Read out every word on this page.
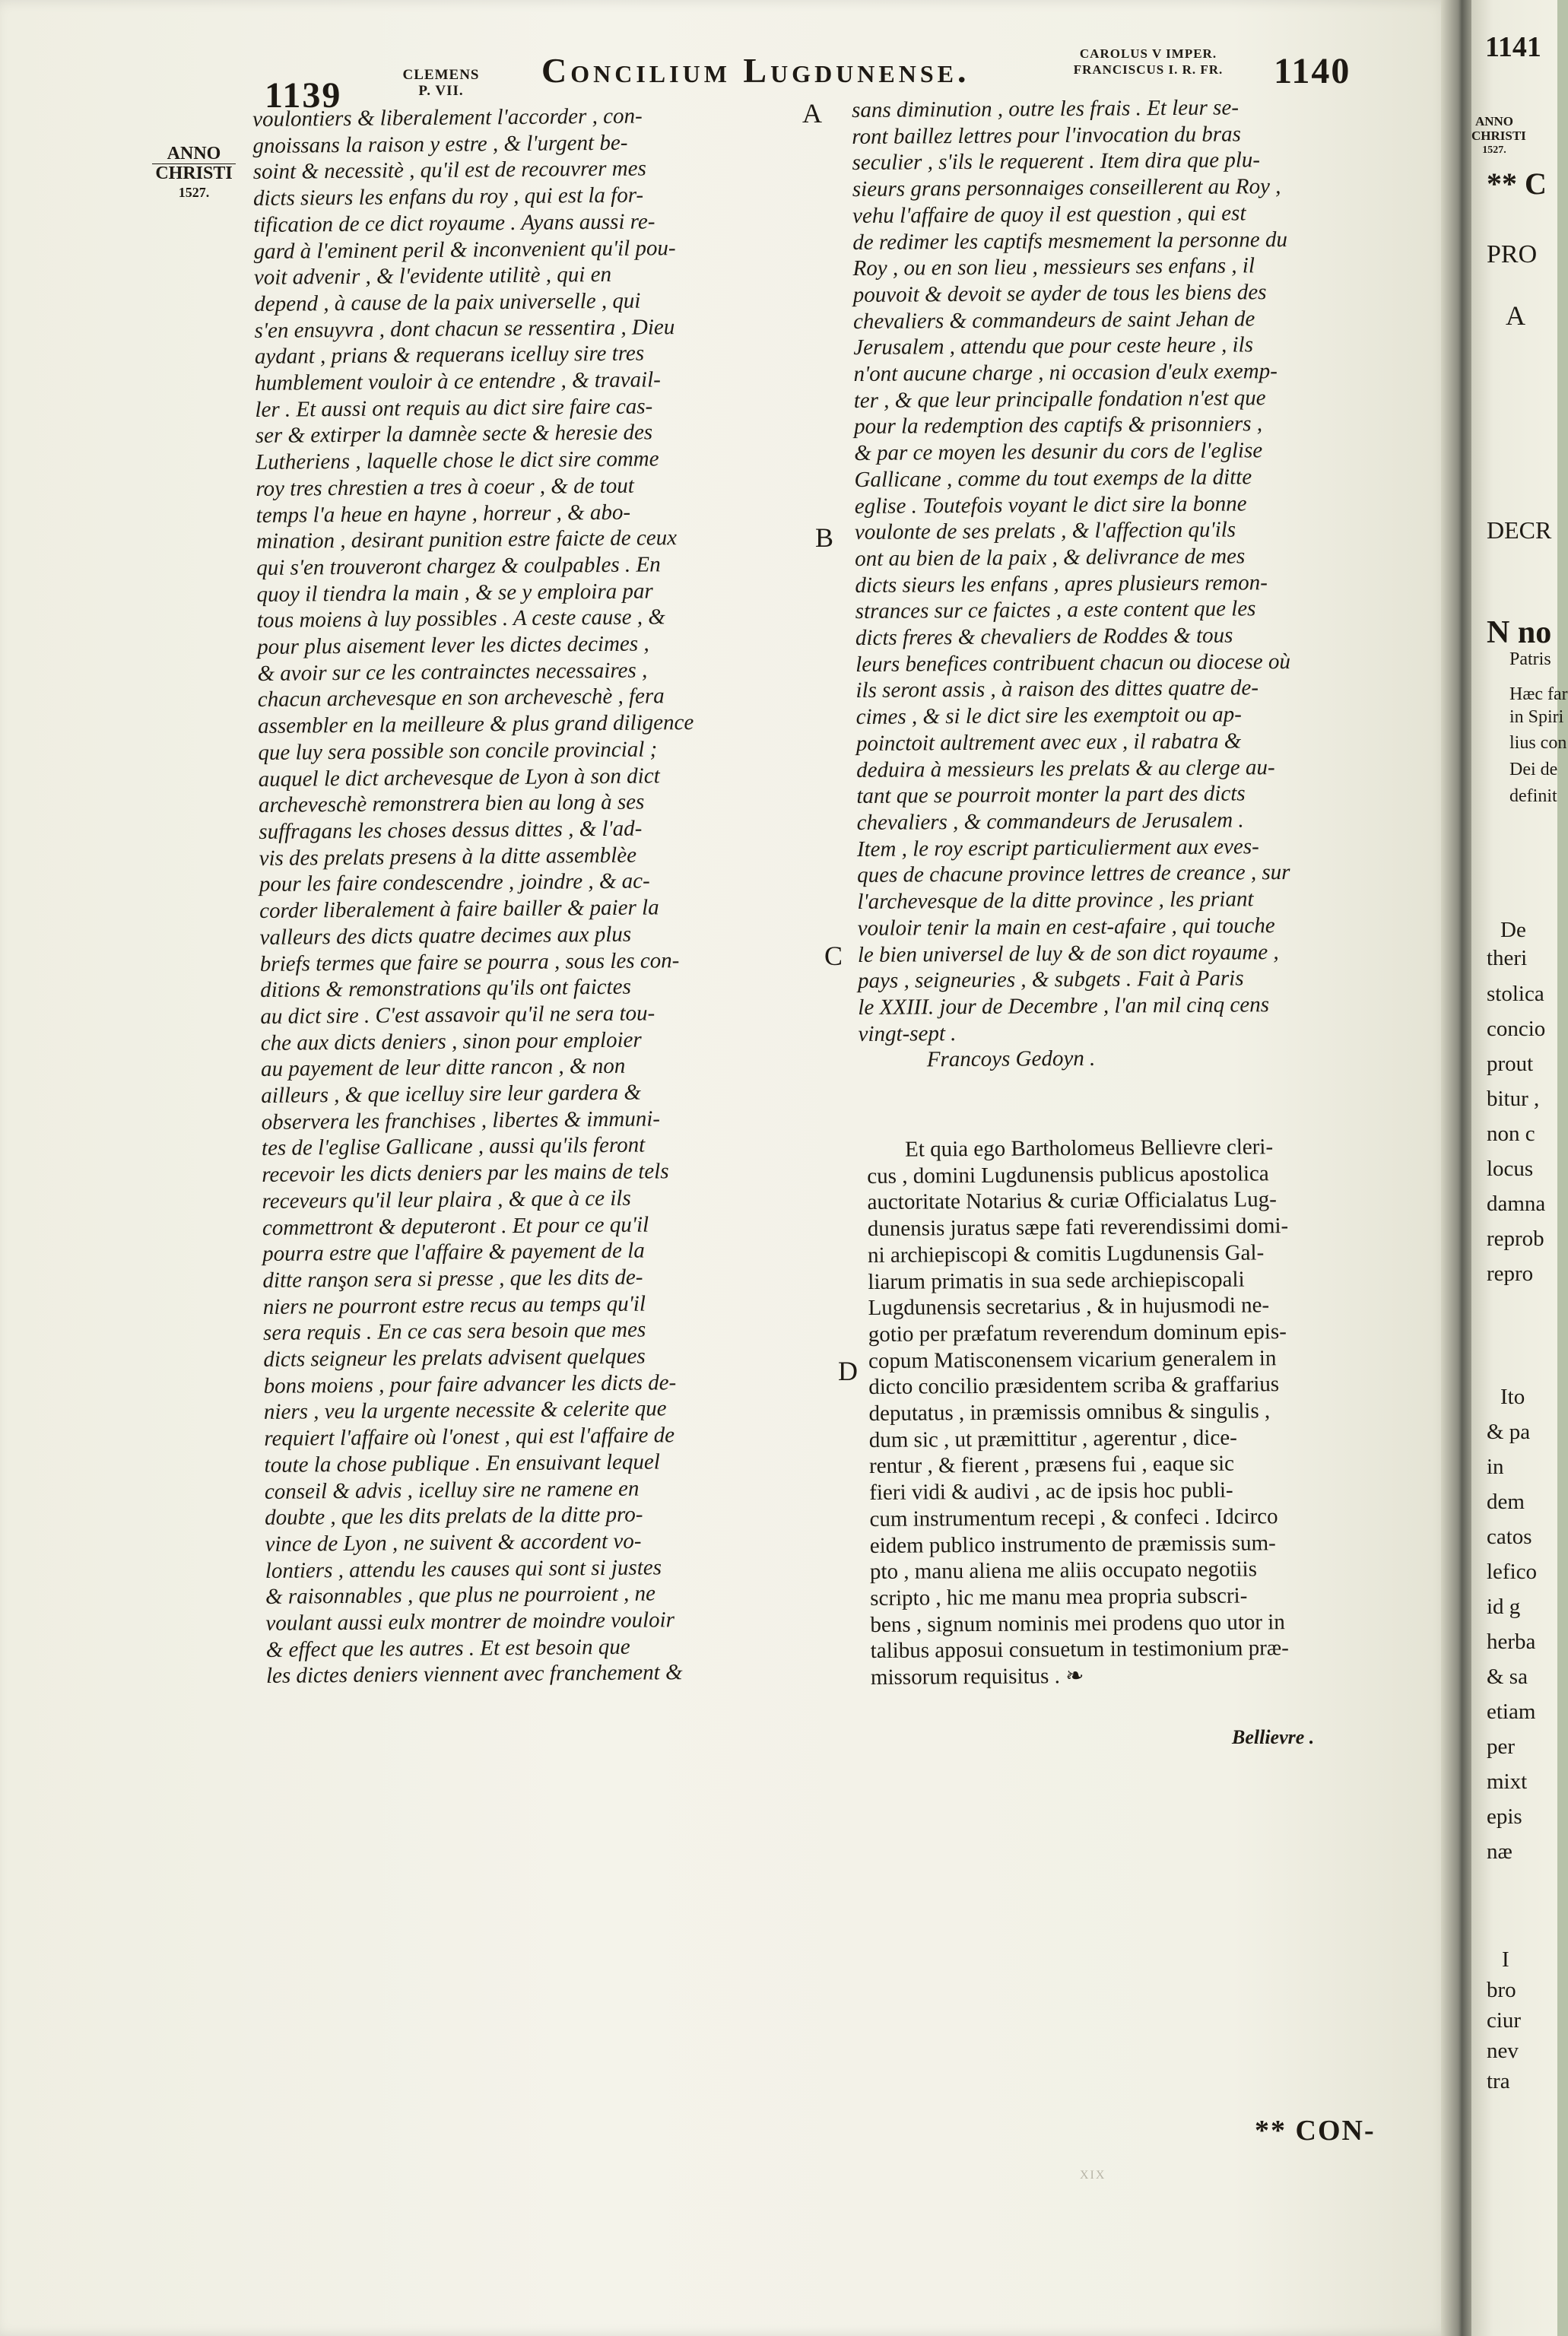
1139
CLEMENS
P. VII.
Concilium Lugdunense.	CAROLUS V IMPER.
FRANCISCUS I. R. FR.	1140
ANNO
CHRISTI
1527.
A
B
C
D

voulontiers & liberalement l'accorder , con-

gnoissans la raison y estre , & l'urgent be-

soint & necessitè , qu'il est de recouvrer mes

dicts sieurs les enfans du roy , qui est la for-

tification de ce dict royaume . Ayans aussi re-

gard à l'eminent peril & inconvenient qu'il pou-

voit advenir , & l'evidente utilitè , qui en

depend , à cause de la paix universelle , qui

s'en ensuyvra , dont chacun se ressentira , Dieu

aydant , prians & requerans icelluy sire tres

humblement vouloir à ce entendre , & travail-

ler . Et aussi ont requis au dict sire faire cas-

ser & extirper la damnèe secte & heresie des

Lutheriens , laquelle chose le dict sire comme

roy tres chrestien a tres à coeur , & de tout

temps l'a heue en hayne , horreur , & abo-

mination , desirant punition estre faicte de ceux

qui s'en trouveront chargez & coulpables . En

quoy il tiendra la main , & se y emploira par

tous moiens à luy possibles . A ceste cause , &

pour plus aisement lever les dictes decimes ,

& avoir sur ce les contrainctes necessaires ,

chacun archevesque en son archeveschè , fera

assembler en la meilleure & plus grand diligence

que luy sera possible son concile provincial ;

auquel le dict archevesque de Lyon à son dict

archeveschè remonstrera bien au long à ses

suffragans les choses dessus dittes , & l'ad-

vis des prelats presens à la ditte assemblèe

pour les faire condescendre , joindre , & ac-

corder liberalement à faire bailler & paier la

valleurs des dicts quatre decimes aux plus

briefs termes que faire se pourra , sous les con-

ditions & remonstrations qu'ils ont faictes

au dict sire . C'est assavoir qu'il ne sera tou-

che aux dicts deniers , sinon pour emploier

au payement de leur ditte rancon , & non

ailleurs , & que icelluy sire leur gardera &

observera les franchises , libertes & immuni-

tes de l'eglise Gallicane , aussi qu'ils feront

recevoir les dicts deniers par les mains de tels

receveurs qu'il leur plaira , & que à ce ils

commettront & deputeront . Et pour ce qu'il

pourra estre que l'affaire & payement de la

ditte ranşon sera si presse , que les dits de-

niers ne pourront estre recus au temps qu'il

sera requis . En ce cas sera besoin que mes

dicts seigneur les prelats advisent quelques

bons moiens , pour faire advancer les dicts de-

niers , veu la urgente necessite & celerite que

requiert l'affaire où l'onest , qui est l'affaire de

toute la chose publique . En ensuivant lequel

conseil & advis , icelluy sire ne ramene en

doubte , que les dits prelats de la ditte pro-

vince de Lyon , ne suivent & accordent vo-

lontiers , attendu les causes qui sont si justes

& raisonnables , que plus ne pourroient , ne

voulant aussi eulx montrer de moindre vouloir

& effect que les autres . Et est besoin que

les dictes deniers viennent avec franchement &

sans diminution , outre les frais . Et leur se-

ront baillez lettres pour l'invocation du bras

seculier , s'ils le requerent . Item dira que plu-

sieurs grans personnaiges conseillerent au Roy ,

vehu l'affaire de quoy il est question , qui est

de redimer les captifs mesmement la personne du

Roy , ou en son lieu , messieurs ses enfans , il

pouvoit & devoit se ayder de tous les biens des

chevaliers & commandeurs de saint Jehan de

Jerusalem , attendu que pour ceste heure , ils

n'ont aucune charge , ni occasion d'eulx exemp-

ter , & que leur principalle fondation n'est que

pour la redemption des captifs & prisonniers ,

& par ce moyen les desunir du cors de l'eglise

Gallicane , comme du tout exemps de la ditte

eglise . Toutefois voyant le dict sire la bonne

voulonte de ses prelats , & l'affection qu'ils

ont au bien de la paix , & delivrance de mes

dicts sieurs les enfans , apres plusieurs remon-

strances sur ce faictes , a este content que les

dicts freres & chevaliers de Roddes & tous

leurs benefices contribuent chacun ou diocese où

ils seront assis , à raison des dittes quatre de-

cimes , & si le dict sire les exemptoit ou ap-

poinctoit aultrement avec eux , il rabatra &

deduira à messieurs les prelats & au clerge au-

tant que se pourroit monter la part des dicts

chevaliers , & commandeurs de Jerusalem .

Item , le roy escript particulierment aux eves-

ques de chacune province lettres de creance , sur

l'archevesque de la ditte province , les priant

vouloir tenir la main en cest-afaire , qui touche

le bien universel de luy & de son dict royaume ,

pays , seigneuries , & subgets . Fait à Paris

le XXIII. jour de Decembre , l'an mil cinq cens

vingt-sept .

Francoys Gedoyn .

Et quia ego Bartholomeus Bellievre cleri-

cus , domini Lugdunensis publicus apostolica

auctoritate Notarius & curiæ Officialatus Lug-

dunensis juratus sæpe fati reverendissimi domi-

ni archiepiscopi & comitis Lugdunensis Gal-

liarum primatis in sua sede archiepiscopali

Lugdunensis secretarius , & in hujusmodi ne-

gotio per præfatum reverendum dominum epis-

copum Matisconensem vicarium generalem in

dicto concilio præsidentem scriba & graffarius

deputatus , in præmissis omnibus & singulis ,

dum sic , ut præmittitur , agerentur , dice-

rentur , & fierent , præsens fui , eaque sic

fieri vidi & audivi , ac de ipsis hoc publi-

cum instrumentum recepi , & confeci . Idcirco

eidem publico instrumento de præmissis sum-

pto , manu aliena me aliis occupato negotiis

scripto , hic me manu mea propria subscri-

bens , signum nominis mei prodens quo utor in

talibus apposui consuetum in testimonium præ-

missorum requisitus . ❧

Bellievre .
XIX
** CON-
1141
ANNO
CHRISTI
1527.

** C

PRO

A

DECR

N no

Patris

Hæc far

in Spiri

lius con

Dei de

definit

De

theri

stolica

concio

prout

bitur ,

non c

locus

damna

reprob

repro

Ito

& pa

in

dem

catos

lefico

id g

herba

& sa

etiam

per

mixt

epis

næ

I

bro

ciur

nev

tra
